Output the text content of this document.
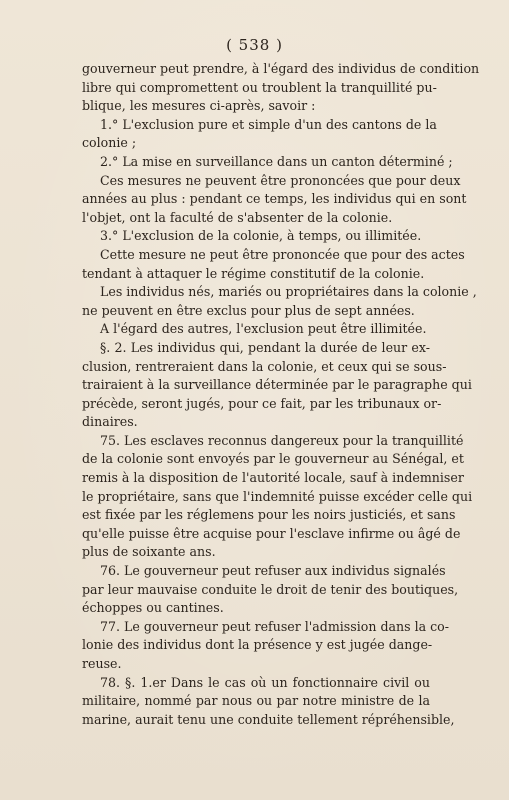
( 538 )
gouverneur peut prendre, à l'égard des individus de condition
libre qui compromettent ou troublent la tranquillité pu-
blique, les mesures ci-après, savoir :
1.° L'exclusion pure et simple d'un des cantons de la
colonie ;
2.° La mise en surveillance dans un canton déterminé ;
Ces mesures ne peuvent être prononcées que pour deux
années au plus : pendant ce temps, les individus qui en sont
l'objet, ont la faculté de s'absenter de la colonie.
3.° L'exclusion de la colonie, à temps, ou illimitée.
Cette mesure ne peut être prononcée que pour des actes
tendant à attaquer le régime constitutif de la colonie.
Les individus nés, mariés ou propriétaires dans la colonie ,
ne peuvent en être exclus pour plus de sept années.
A l'égard des autres, l'exclusion peut être illimitée.
§. 2. Les individus qui, pendant la durée de leur ex-
clusion, rentreraient dans la colonie, et ceux qui se sous-
trairaient à la surveillance déterminée par le paragraphe qui
précède, seront jugés, pour ce fait, par les tribunaux or-
dinaires.
75. Les esclaves reconnus dangereux pour la tranquillité
de la colonie sont envoyés par le gouverneur au Sénégal, et
remis à la disposition de l'autorité locale, sauf à indemniser
le propriétaire, sans que l'indemnité puisse excéder celle qui
est fixée par les réglemens pour les noirs justiciés, et sans
qu'elle puisse être acquise pour l'esclave infirme ou âgé de
plus de soixante ans.
76. Le gouverneur peut refuser aux individus signalés
par leur mauvaise conduite le droit de tenir des boutiques,
échoppes ou cantines.
77. Le gouverneur peut refuser l'admission dans la co-
lonie des individus dont la présence y est jugée dange-
reuse.
78. §. 1.er Dans le cas où un fonctionnaire civil ou
militaire, nommé par nous ou par notre ministre de la
marine, aurait tenu une conduite tellement répréhensible,
